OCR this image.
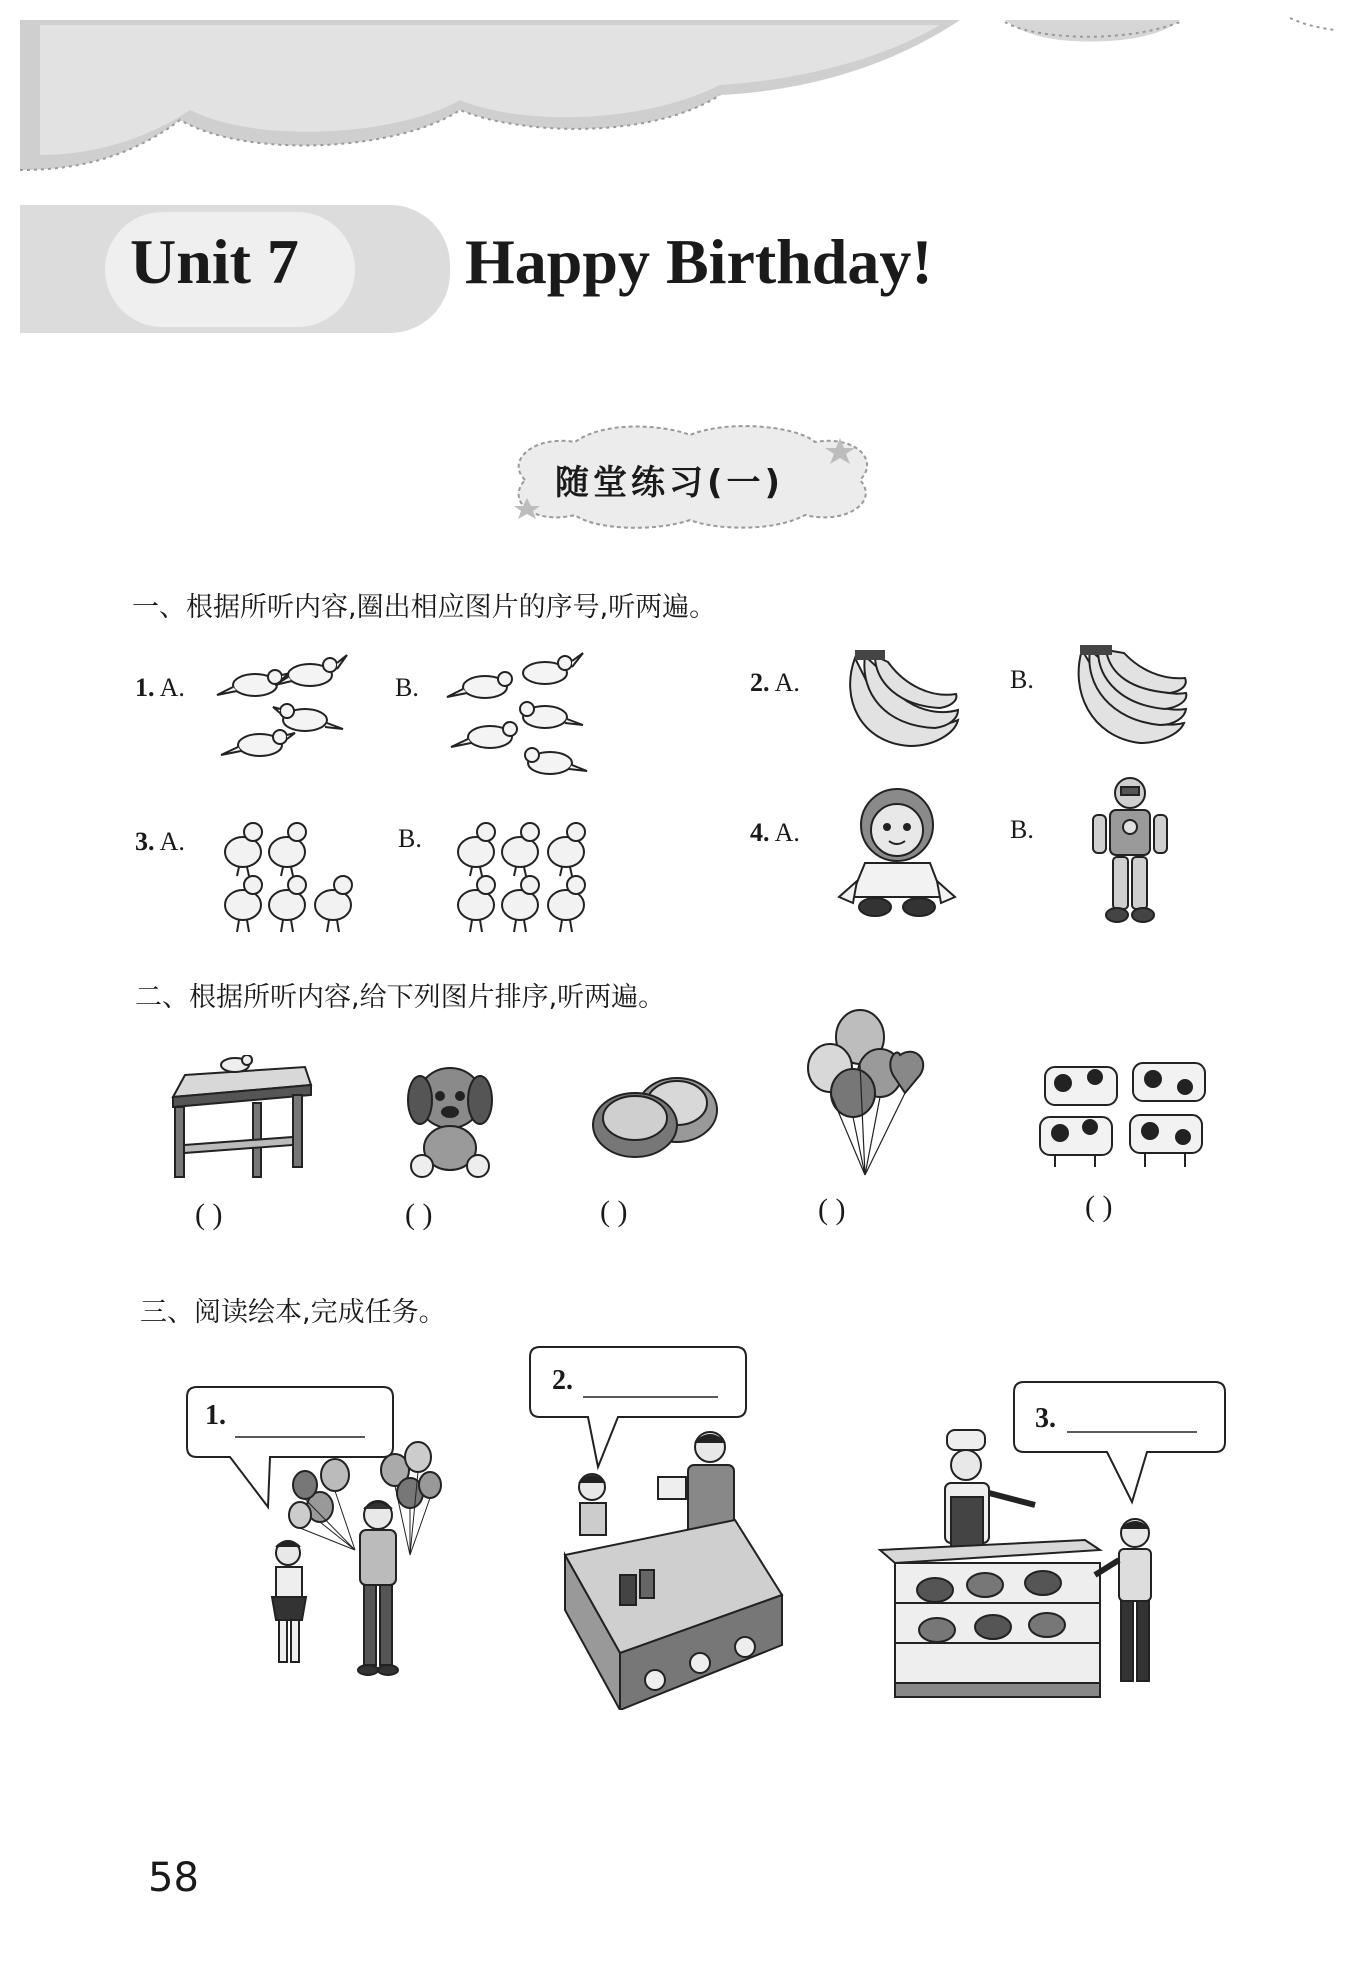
Unit 7	Happy Birthday!
随堂练习(一)
一、根据所听内容,圈出相应图片的序号,听两遍。
1. A.	B.	2. A.	B.
3. A.	B.	4. A.	B.
二、根据所听内容,给下列图片排序,听两遍。
( )	( )	( )	( )	( )
三、阅读绘本,完成任务。
1.
2.
3.
58
